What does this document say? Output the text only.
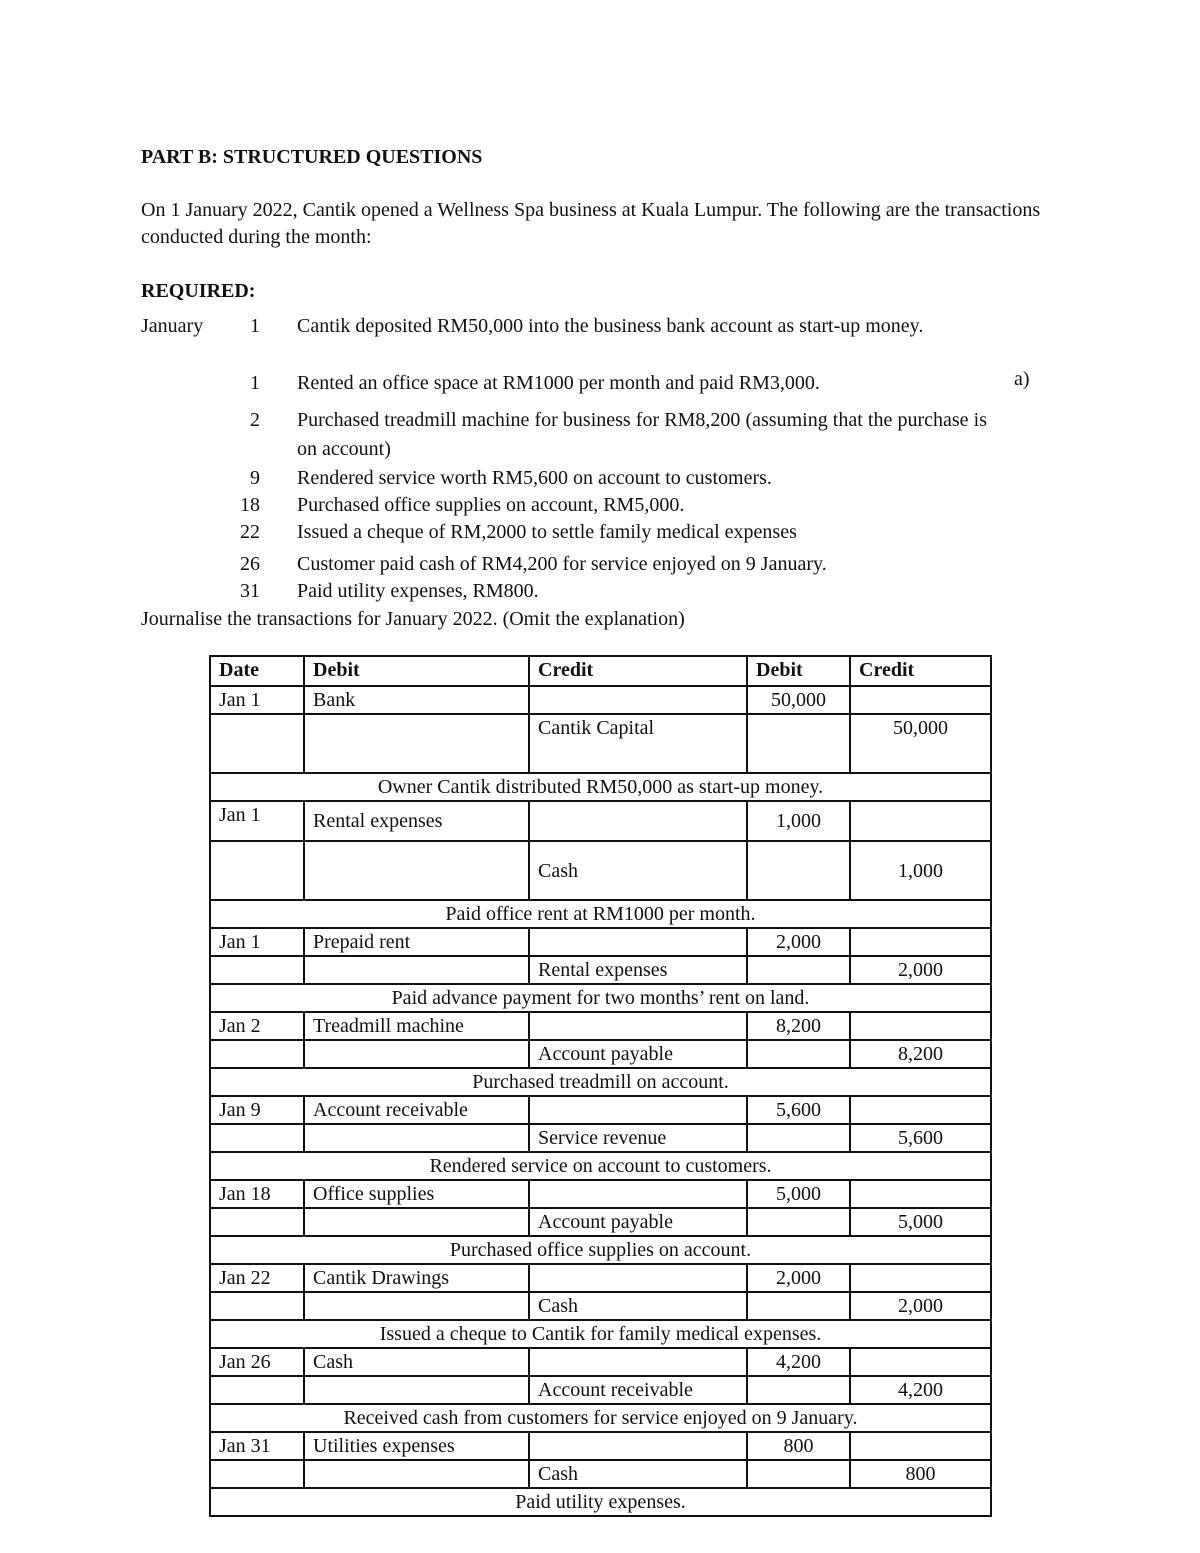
PART B: STRUCTURED QUESTIONS
On 1 January 2022, Cantik opened a Wellness Spa business at Kuala Lumpur. The following are the transactions conducted during the month:
REQUIRED:
January
a)
1 Cantik deposited RM50,000 into the business bank account as start-up money.
1 Rented an office space at RM1000 per month and paid RM3,000.
2 Purchased treadmill machine for business for RM8,200 (assuming that the purchase is on account)
9 Rendered service worth RM5,600 on account to customers.
18 Purchased office supplies on account, RM5,000.
22 Issued a cheque of RM,2000 to settle family medical expenses
26 Customer paid cash of RM4,200 for service enjoyed on 9 January.
31 Paid utility expenses, RM800.
Journalise the transactions for January 2022. (Omit the explanation)
Date	Debit	Credit	Debit	Credit
Jan 1	Bank		50,000	
		Cantik Capital		50,000
Owner Cantik distributed RM50,000 as start-up money.				
Jan 1	Rental expenses		1,000	
		Cash		1,000
Paid office rent at RM1000 per month.				
Jan 1	Prepaid rent		2,000	
		Rental expenses		2,000
Paid advance payment for two months’ rent on land.				
Jan 2	Treadmill machine		8,200	
		Account payable		8,200
Purchased treadmill on account.				
Jan 9	Account receivable		5,600	
		Service revenue		5,600
Rendered service on account to customers.				
Jan 18	Office supplies		5,000	
		Account payable		5,000
Purchased office supplies on account.				
Jan 22	Cantik Drawings		2,000	
		Cash		2,000
Issued a cheque to Cantik for family medical expenses.				
Jan 26	Cash		4,200	
		Account receivable		4,200
Received cash from customers for service enjoyed on 9 January.				
Jan 31	Utilities expenses		800	
		Cash		800
Paid utility expenses.				
